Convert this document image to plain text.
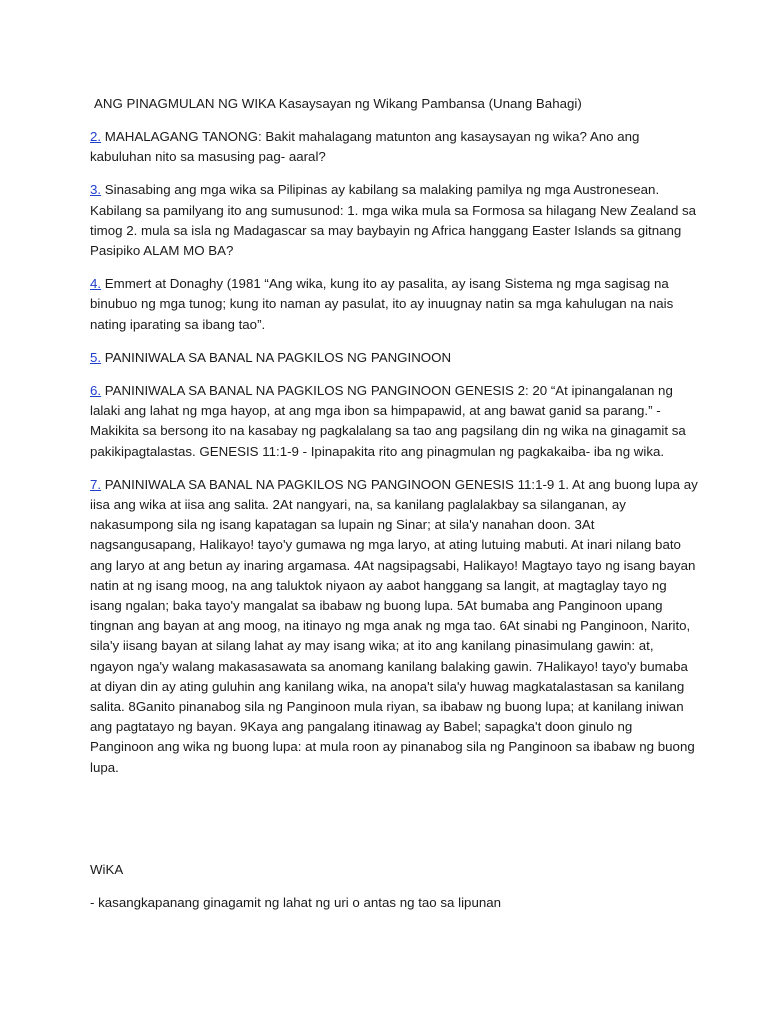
ANG PINAGMULAN NG WIKA Kasaysayan ng Wikang Pambansa (Unang Bahagi)

2. MAHALAGANG TANONG: Bakit mahalagang matunton ang kasaysayan ng wika? Ano ang kabuluhan nito sa masusing pag- aaral?

3. Sinasabing ang mga wika sa Pilipinas ay kabilang sa malaking pamilya ng mga Austronesean. Kabilang sa pamilyang ito ang sumusunod: 1. mga wika mula sa Formosa sa hilagang New Zealand sa timog 2. mula sa isla ng Madagascar sa may baybayin ng Africa hanggang Easter Islands sa gitnang Pasipiko ALAM MO BA?

4. Emmert at Donaghy (1981 “Ang wika, kung ito ay pasalita, ay isang Sistema ng mga sagisag na binubuo ng mga tunog; kung ito naman ay pasulat, ito ay inuugnay natin sa mga kahulugan na nais nating iparating sa ibang tao”.

5. PANINIWALA SA BANAL NA PAGKILOS NG PANGINOON

6. PANINIWALA SA BANAL NA PAGKILOS NG PANGINOON GENESIS 2: 20 “At ipinangalanan ng lalaki ang lahat ng mga hayop, at ang mga ibon sa himpapawid, at ang bawat ganid sa parang.” - Makikita sa bersong ito na kasabay ng pagkalalang sa tao ang pagsilang din ng wika na ginagamit sa pakikipagtalastas. GENESIS 11:1-9 - Ipinapakita rito ang pinagmulan ng pagkakaiba- iba ng wika.

7. PANINIWALA SA BANAL NA PAGKILOS NG PANGINOON GENESIS 11:1-9 1. At ang buong lupa ay iisa ang wika at iisa ang salita. 2At nangyari, na, sa kanilang paglalakbay sa silanganan, ay nakasumpong sila ng isang kapatagan sa lupain ng Sinar; at sila'y nanahan doon. 3At nagsangusapang, Halikayo! tayo'y gumawa ng mga laryo, at ating lutuing mabuti. At inari nilang bato ang laryo at ang betun ay inaring argamasa. 4At nagsipagsabi, Halikayo! Magtayo tayo ng isang bayan natin at ng isang moog, na ang taluktok niyaon ay aabot hanggang sa langit, at magtaglay tayo ng isang ngalan; baka tayo'y mangalat sa ibabaw ng buong lupa. 5At bumaba ang Panginoon upang tingnan ang bayan at ang moog, na itinayo ng mga anak ng mga tao. 6At sinabi ng Panginoon, Narito, sila'y iisang bayan at silang lahat ay may isang wika; at ito ang kanilang pinasimulang gawin: at, ngayon nga'y walang makasasawata sa anomang kanilang balaking gawin. 7Halikayo! tayo'y bumaba at diyan din ay ating guluhin ang kanilang wika, na anopa't sila'y huwag magkatalastasan sa kanilang salita. 8Ganito pinanabog sila ng Panginoon mula riyan, sa ibabaw ng buong lupa; at kanilang iniwan ang pagtatayo ng bayan. 9Kaya ang pangalang itinawag ay Babel; sapagka't doon ginulo ng Panginoon ang wika ng buong lupa: at mula roon ay pinanabog sila ng Panginoon sa ibabaw ng buong lupa.

WiKA

- kasangkapanang ginagamit ng lahat ng uri o antas ng tao sa lipunan
